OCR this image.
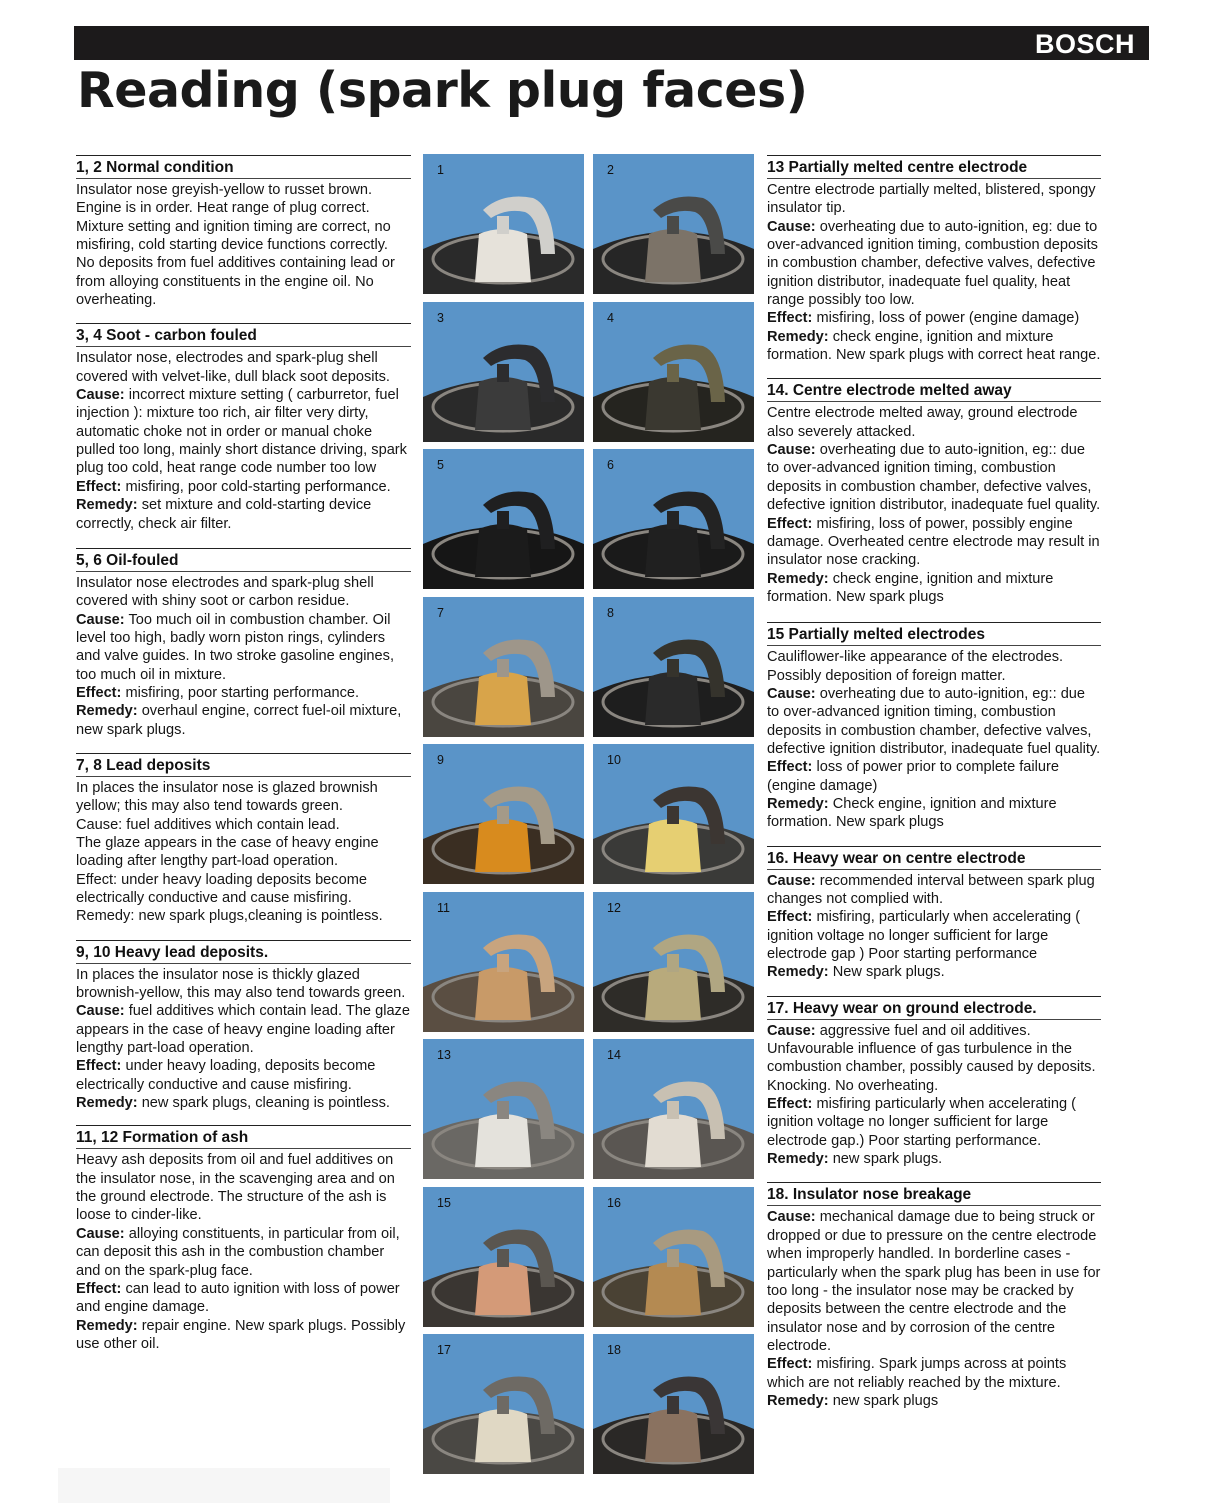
BOSCH
Reading (spark plug faces)
1, 2 Normal condition

Insulator nose greyish-yellow to russet brown. Engine is in order. Heat range of plug correct. Mixture setting and ignition timing are correct, no misfiring, cold starting device functions correctly.

No deposits from fuel additives containing lead or from alloying constituents in the engine oil. No overheating.

3, 4 Soot - carbon fouled

Insulator nose, electrodes and spark-plug shell covered with velvet-like, dull black soot deposits.

Cause: incorrect mixture setting ( carburretor, fuel injection ): mixture too rich, air filter very dirty, automatic choke not in order or manual choke pulled too long, mainly short distance driving, spark plug too cold, heat range code number too low

Effect: misfiring, poor cold-starting performance.

Remedy: set mixture and cold-starting device correctly, check air filter.

5, 6 Oil-fouled

Insulator nose electrodes and spark-plug shell covered with shiny soot or carbon residue.

Cause: Too much oil in combustion chamber. Oil level too high, badly worn piston rings, cylinders and valve guides. In two stroke gasoline engines, too much oil in mixture.

Effect: misfiring, poor starting performance.

Remedy: overhaul engine, correct fuel-oil mixture, new spark plugs.

7, 8 Lead deposits

In places the insulator nose is glazed brownish yellow; this may also tend towards green.

Cause: fuel additives which contain lead.

The glaze appears in the case of heavy engine loading after lengthy part-load operation.

Effect: under heavy loading deposits become electrically conductive and cause misfiring.

Remedy: new spark plugs,cleaning is pointless.

9, 10 Heavy lead deposits.

In places the insulator nose is thickly glazed brownish-yellow, this may also tend towards green.

Cause: fuel additives which contain lead. The glaze appears in the case of heavy engine loading after lengthy part-load operation.

Effect: under heavy loading, deposits become electrically conductive and cause misfiring.

Remedy: new spark plugs, cleaning is pointless.

11, 12 Formation of ash

Heavy ash deposits from oil and fuel additives on the insulator nose, in the scavenging area and on the ground electrode. The structure of the ash is loose to cinder-like.

Cause: alloying constituents, in particular from oil, can deposit this ash in the combustion chamber and on the spark-plug face.

Effect: can lead to auto ignition with loss of power and engine damage.

Remedy: repair engine. New spark plugs. Possibly use other oil.

1	2
3	4
5	6
7	8
9	10
11	12
13	14
15	16
17	18
13 Partially melted centre electrode

Centre electrode partially melted, blistered, spongy insulator tip.

Cause: overheating due to auto-ignition, eg: due to over-advanced ignition timing, combustion deposits in combustion chamber, defective valves, defective ignition distributor, inadequate fuel quality, heat range possibly too low.

Effect: misfiring, loss of power (engine damage)

Remedy: check engine, ignition and mixture formation. New spark plugs with correct heat range.

14. Centre electrode melted away

Centre electrode melted away, ground electrode also severely attacked.

Cause: overheating due to auto-ignition, eg:: due to over-advanced ignition timing, combustion deposits in combustion chamber, defective valves, defective ignition distributor, inadequate fuel quality.

Effect: misfiring, loss of power, possibly engine damage. Overheated centre electrode may result in insulator nose cracking.

Remedy: check engine, ignition and mixture formation. New spark plugs

15 Partially melted electrodes

Cauliflower-like appearance of the electrodes. Possibly deposition of foreign matter.

Cause: overheating due to auto-ignition, eg:: due to over-advanced ignition timing, combustion deposits in combustion chamber, defective valves, defective ignition distributor, inadequate fuel quality.

Effect: loss of power prior to complete failure (engine damage)

Remedy: Check engine, ignition and mixture formation. New spark plugs

16. Heavy wear on centre electrode

Cause: recommended interval between spark plug changes not complied with.

Effect: misfiring, particularly when accelerating ( ignition voltage no longer sufficient for large electrode gap ) Poor starting performance

Remedy: New spark plugs.

17. Heavy wear on ground electrode.

Cause: aggressive fuel and oil additives. Unfavourable influence of gas turbulence in the combustion chamber, possibly caused by deposits. Knocking. No overheating.

Effect: misfiring particularly when accelerating ( ignition voltage no longer sufficient for large electrode gap.) Poor starting performance.

Remedy: new spark plugs.

18. Insulator nose breakage

Cause: mechanical damage due to being struck or dropped or due to pressure on the centre electrode when improperly handled. In borderline cases - particularly when the spark plug has been in use for too long - the insulator nose may be cracked by deposits between the centre electrode and the insulator nose and by corrosion of the centre electrode.

Effect: misfiring. Spark jumps across at points which are not reliably reached by the mixture.

Remedy: new spark plugs
